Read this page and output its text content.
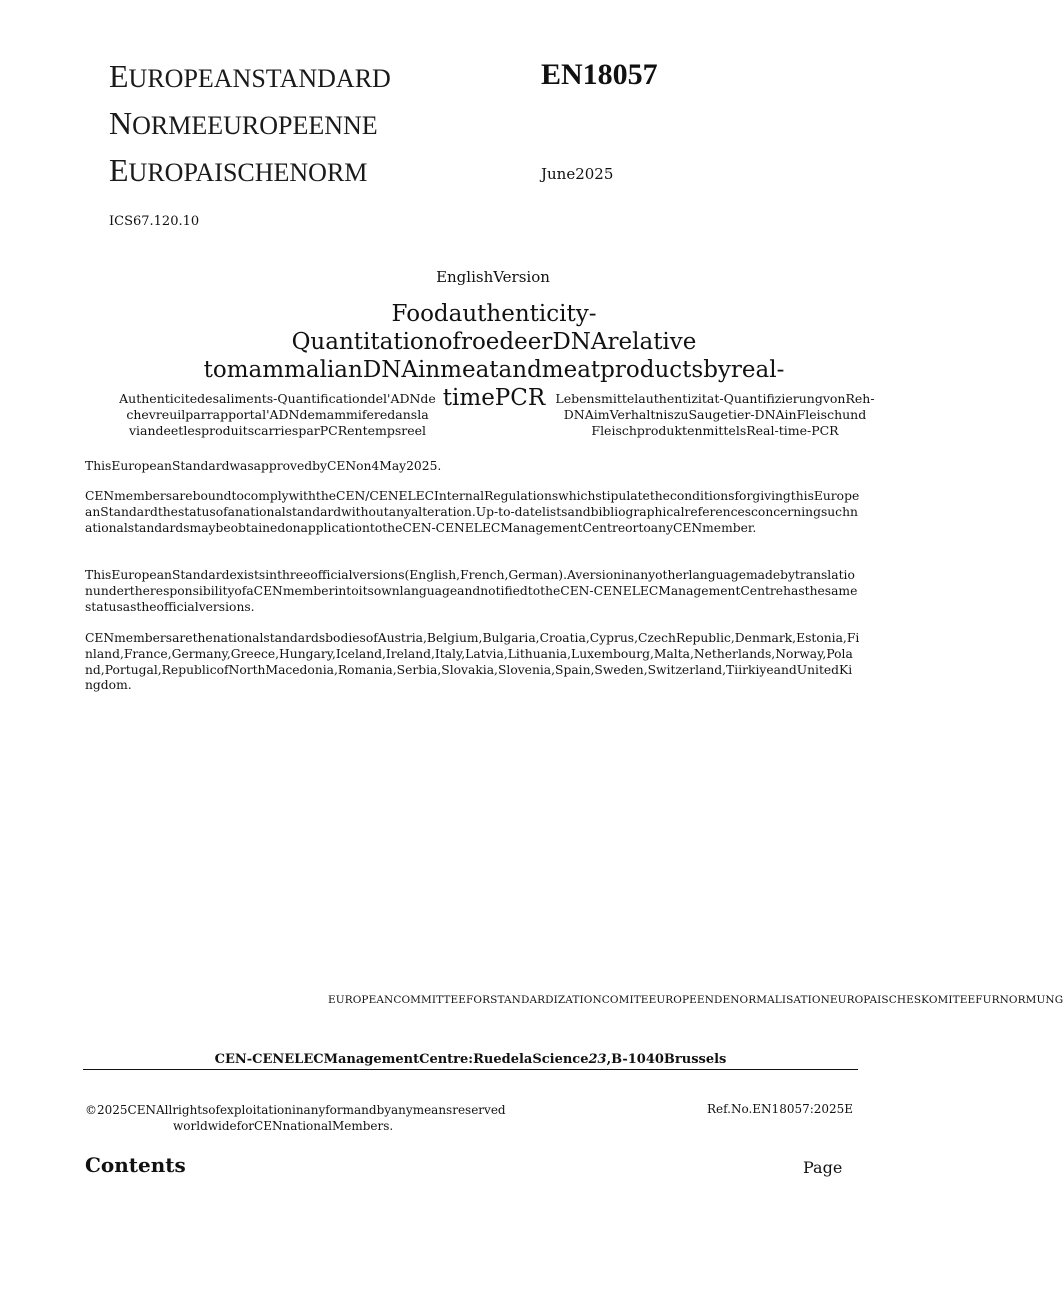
EUROPEANSTANDARD
NORMEEUROPEENNE
EUROPAISCHENORM
EN18057
June2025
ICS67.120.10
EnglishVersion
Foodauthenticity-QuantitationofroedeerDNArelative
tomammalianDNAinmeatandmeatproductsbyreal-
timePCR
Authenticitedesaliments-Quantificationdel'ADNde
chevreuilparrapportal'ADNdemammiferedansla
viandeetlesproduitscarriesparPCRentempsreel
Lebensmittelauthentizitat-QuantifizierungvonReh-
DNAimVerhaltniszuSaugetier-DNAinFleischund
FleischproduktenmittelsReal-time-PCR
ThisEuropeanStandardwasapprovedbyCENon4May2025.
CENmembersareboundtocomplywiththeCEN/CENELECInternalRegulationswhichstipulatetheconditionsforgivingthisEuropeanStandardthestatusofanationalstandardwithoutanyalteration.Up-to-datelistsandbibliographicalreferencesconcerningsuchnationalstandardsmaybeobtainedonapplicationtotheCEN-CENELECManagementCentreortoanyCENmember.
ThisEuropeanStandardexistsinthreeofficialversions(English,French,German).AversioninanyotherlanguagemadebytranslationundertheresponsibilityofaCENmemberintoitsownlanguageandnotifiedtotheCEN-CENELECManagementCentrehasthesamestatusastheofficialversions.
CENmembersarethenationalstandardsbodiesofAustria,Belgium,Bulgaria,Croatia,Cyprus,CzechRepublic,Denmark,Estonia,Finland,France,Germany,Greece,Hungary,Iceland,Ireland,Italy,Latvia,Lithuania,Luxembourg,Malta,Netherlands,Norway,Poland,Portugal,RepublicofNorthMacedonia,Romania,Serbia,Slovakia,Slovenia,Spain,Sweden,Switzerland,TiirkiyeandUnitedKingdom.
EUROPEANCOMMITTEEFORSTANDARDIZATIONCOMITEEUROPEENDENORMALISATIONEUROPAISCHESKOMITEEFURNORMUNG
CEN-CENELECManagementCentre:RuedelaScience23,B-1040Brussels
©2025CENAllrightsofexploitationinanyformandbyanymeansreserved
worldwideforCENnationalMembers.
Ref.No.EN18057:2025E
Contents	Page
